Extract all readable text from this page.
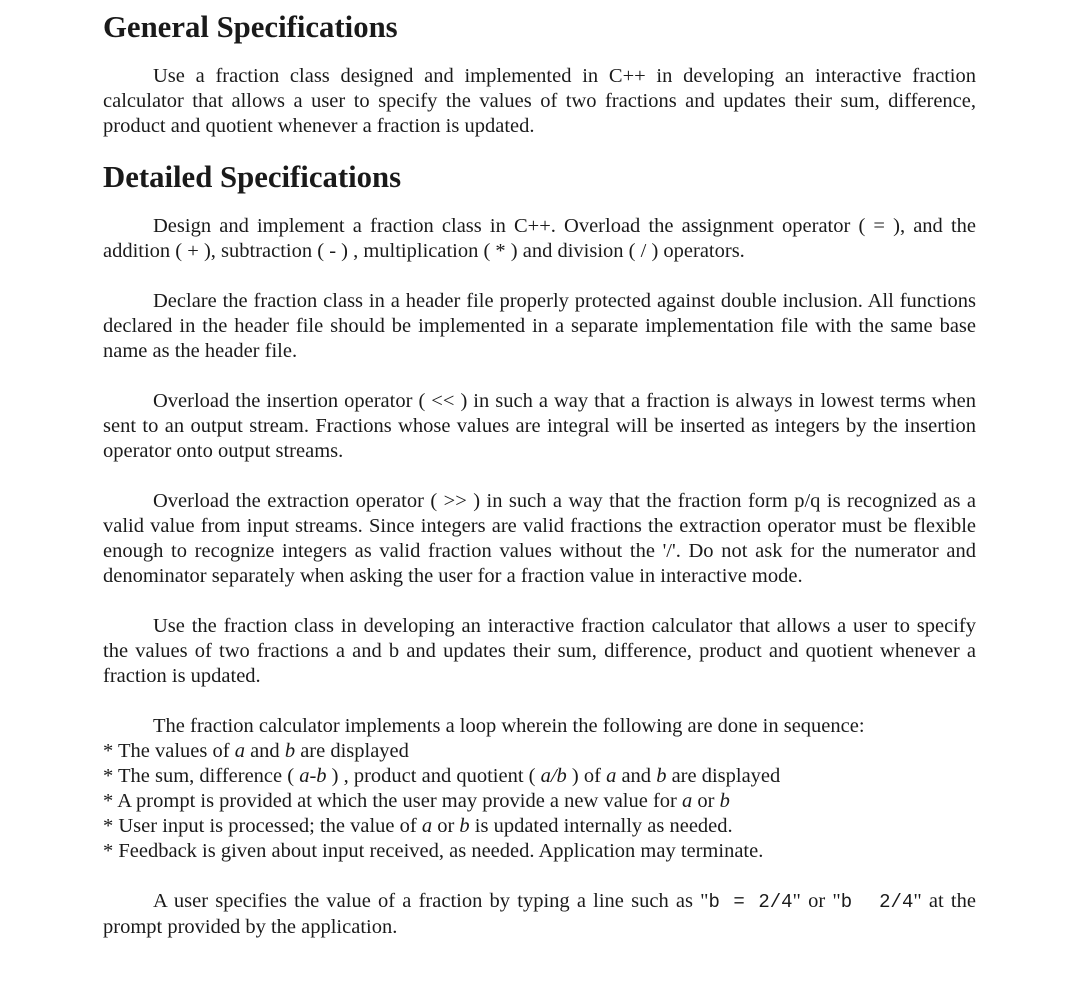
General Specifications

Use a fraction class designed and implemented in C++ in developing an interactive fraction calculator that allows a user to specify the values of two fractions and updates their sum, difference, product and quotient whenever a fraction is updated.

Detailed Specifications

Design and implement a fraction class in C++. Overload the assignment operator ( = ), and the addition ( + ), subtraction ( - ) , multiplication ( * ) and division ( / ) operators.

Declare the fraction class in a header file properly protected against double inclusion. All functions declared in the header file should be implemented in a separate implementation file with the same base name as the header file.

Overload the insertion operator ( << ) in such a way that a fraction is always in lowest terms when sent to an output stream. Fractions whose values are integral will be inserted as integers by the insertion operator onto output streams.

Overload the extraction operator ( >> ) in such a way that the fraction form p/q is recognized as a valid value from input streams. Since integers are valid fractions the extraction operator must be flexible enough to recognize integers as valid fraction values without the '/'. Do not ask for the numerator and denominator separately when asking the user for a fraction value in interactive mode.

Use the fraction class in developing an interactive fraction calculator that allows a user to specify the values of two fractions a and b and updates their sum, difference, product and quotient whenever a fraction is updated.

The fraction calculator implements a loop wherein the following are done in sequence:

* The values of a and b are displayed
* The sum, difference ( a-b ) , product and quotient ( a/b ) of a and b are displayed
* A prompt is provided at which the user may provide a new value for a or b
* User input is processed; the value of a or b is updated internally as needed.
* Feedback is given about input received, as needed. Application may terminate.

A user specifies the value of a fraction by typing a line such as "b = 2/4" or "b  2/4" at the prompt provided by the application.
